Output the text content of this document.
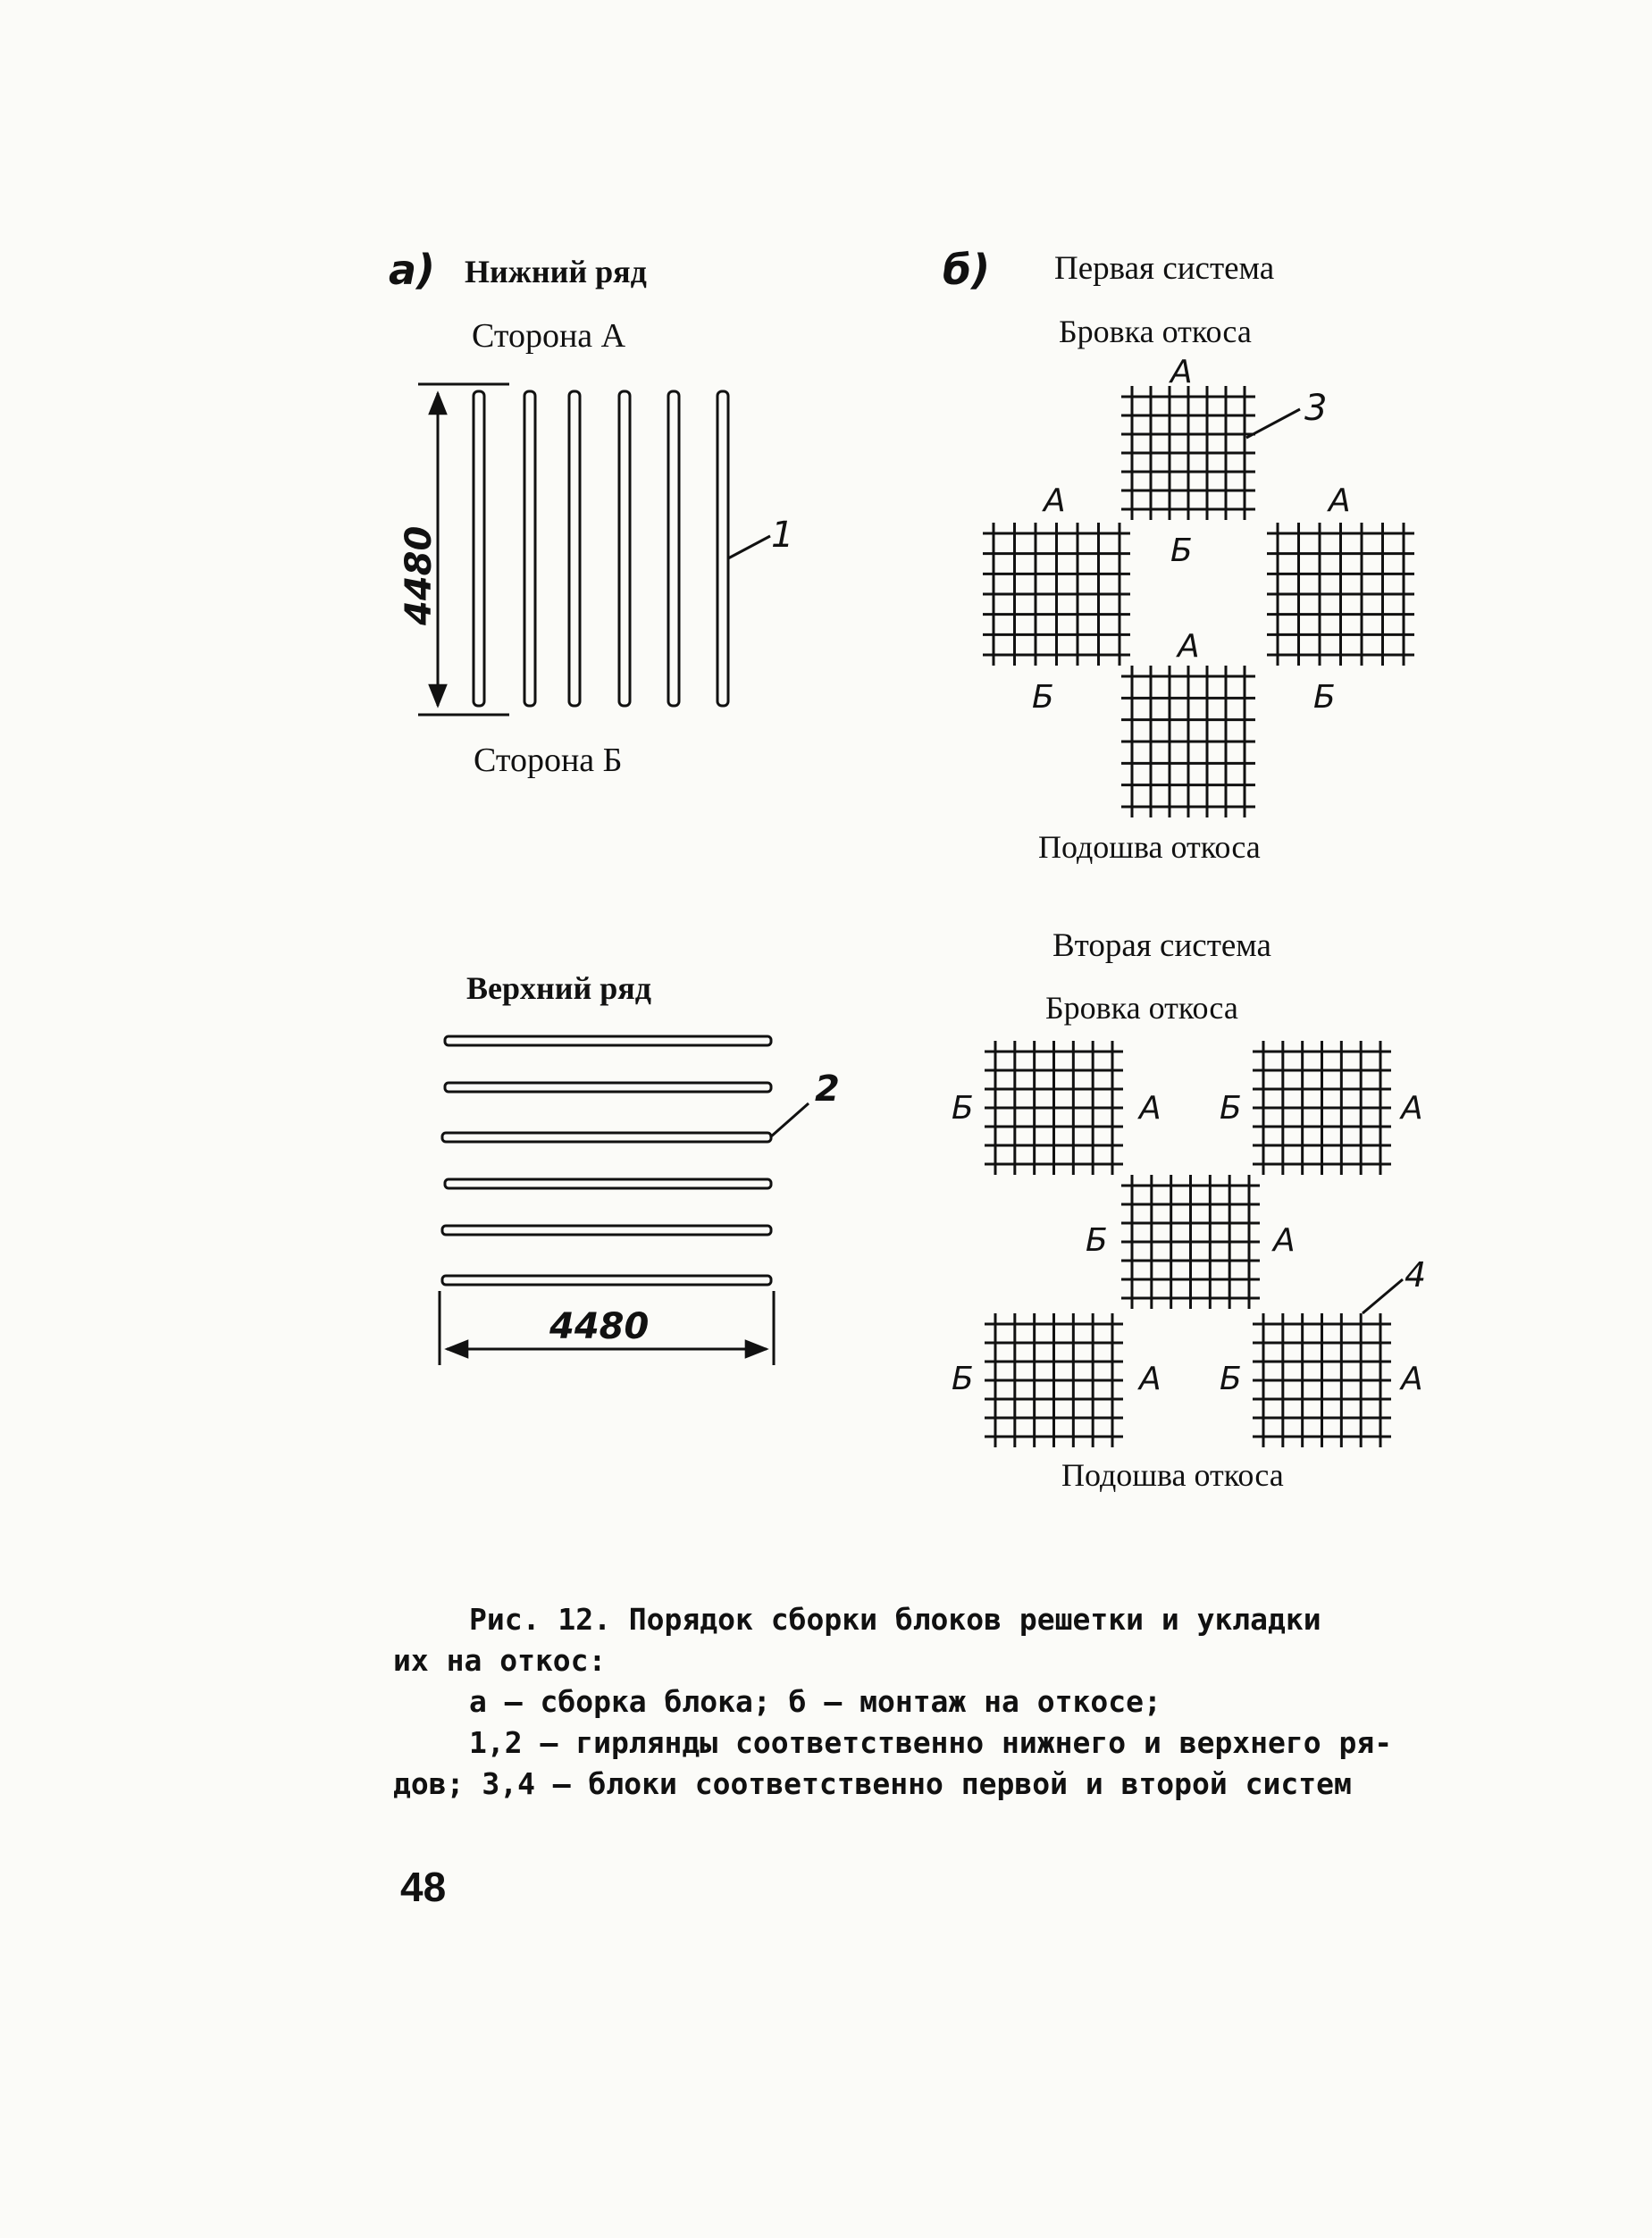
а) Нижний ряд
Сторона А
4480	1
Сторона Б
Верхний ряд
2
4480
б) Первая система
Бровка откоса
3
А
Б
А
Б
А
Б
А
Подошва откоса
Вторая система
Бровка откоса
4
Б	А Б	А
Б	А
Б	А Б	А
Подошва откоса
Рис. 12. Порядок сборки блоков решетки и укладки
их на откос:
а – сборка блока; б – монтаж на откосе;
1,2 – гирлянды соответственно нижнего и верхнего ря-
дов; 3,4 – блоки соответственно первой и второй систем
48
